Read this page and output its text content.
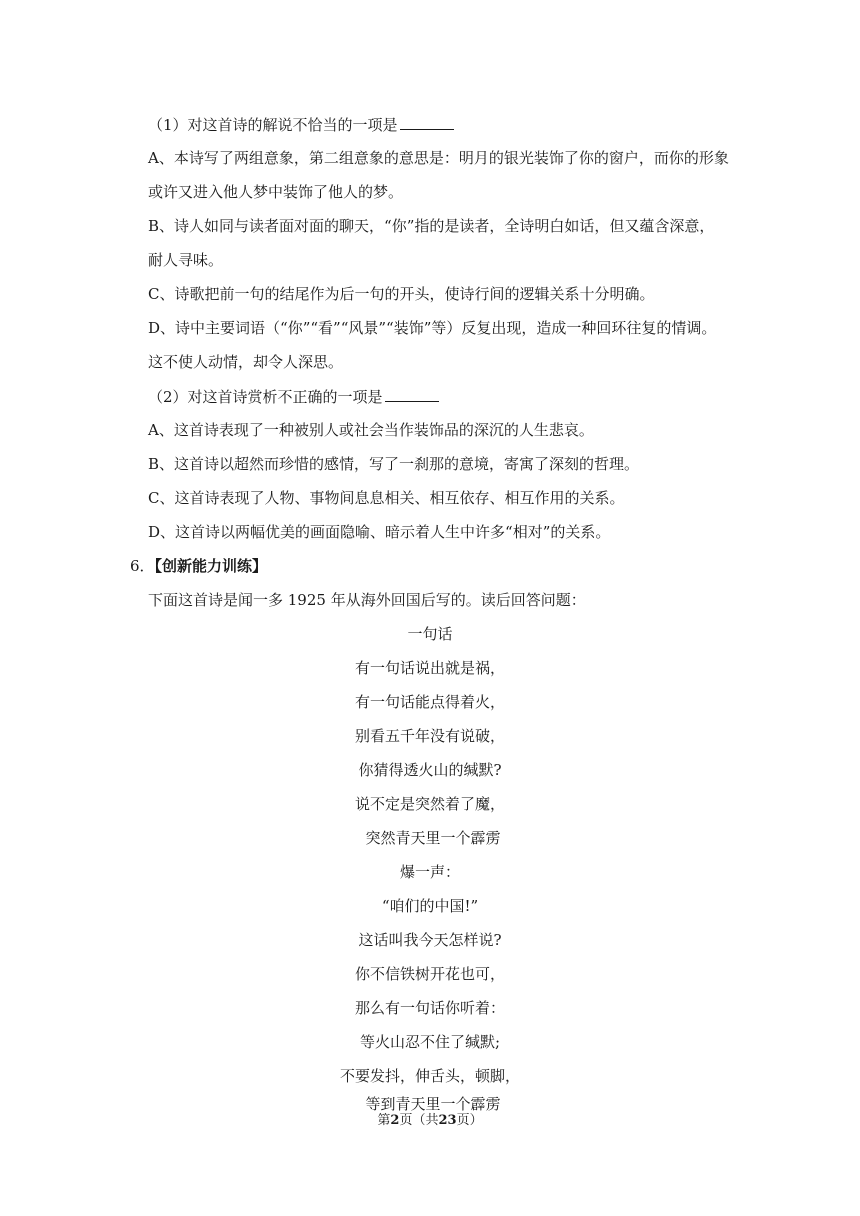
（1）对这首诗的解说不恰当的一项是
A、本诗写了两组意象，第二组意象的意思是：明月的银光装饰了你的窗户，而你的形象
或许又进入他人梦中装饰了他人的梦。
B、诗人如同与读者面对面的聊天，“你”指的是读者，全诗明白如话，但又蕴含深意，
耐人寻味。
C、诗歌把前一句的结尾作为后一句的开头，使诗行间的逻辑关系十分明确。
D、诗中主要词语（“你”“看”“风景”“装饰”等）反复出现，造成一种回环往复的情调。
这不使人动情，却令人深思。
（2）对这首诗赏析不正确的一项是
A、这首诗表现了一种被别人或社会当作装饰品的深沉的人生悲哀。
B、这首诗以超然而珍惜的感情，写了一刹那的意境，寄寓了深刻的哲理。
C、这首诗表现了人物、事物间息息相关、相互依存、相互作用的关系。
D、这首诗以两幅优美的画面隐喻、暗示着人生中许多“相对”的关系。
6．【创新能力训练】
下面这首诗是闻一多 1925 年从海外回国后写的。读后回答问题：
一句话
有一句话说出就是祸，
有一句话能点得着火，
别看五千年没有说破，
你猜得透火山的缄默?
说不定是突然着了魔，
突然青天里一个霹雳
爆一声：
“咱们的中国!”
这话叫我今天怎样说?
你不信铁树开花也可，
那么有一句话你听着：
等火山忍不住了缄默;
不要发抖，伸舌头，顿脚，
等到青天里一个霹雳
第2页（共23页）
